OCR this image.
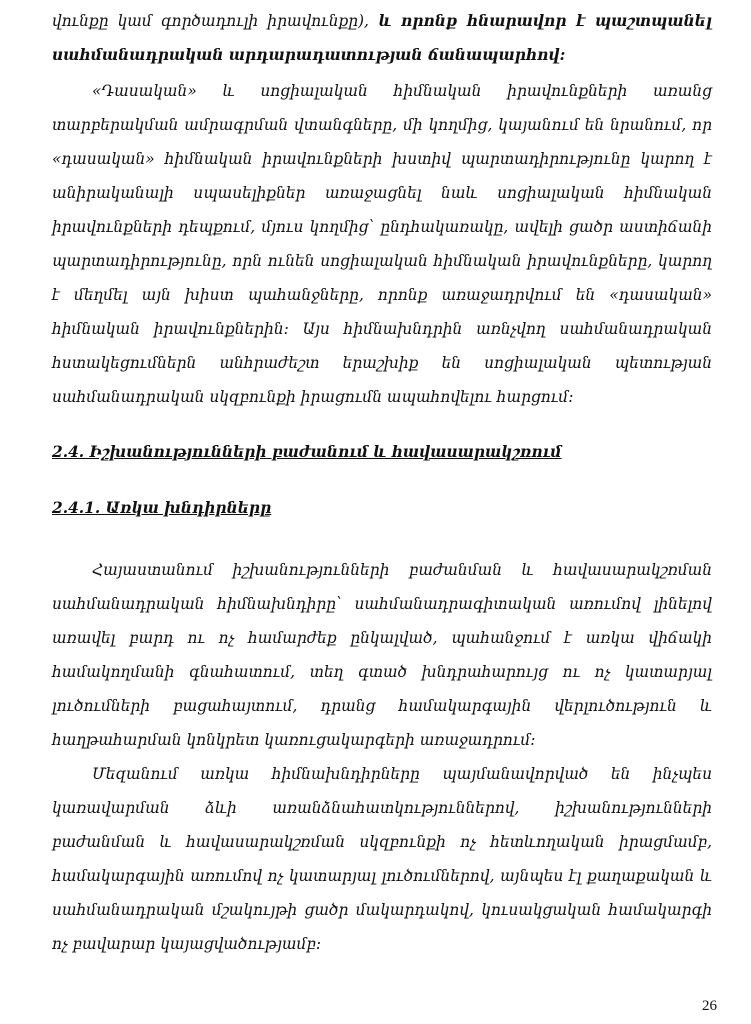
վունքը կամ գործադուլի իրավունքը), և որոնք հնարավոր է պաշտպանել սահմանադրական արդարադատության ճանապարհով:

«Դասական» և սոցիալական հիմնական իրավունքների առանց տարբերակման ամրագրման վտանգները, մի կողմից, կայանում են նրանում, որ «դասական» հիմնական իրավունքների խստիվ պարտադիրությունը կարող է անիրականալի սպասելիքներ առաջացնել նաև սոցիալական հիմնական իրավունքների դեպքում, մյուս կողմից՝ ընդհակառակը, ավելի ցածր աստիճանի պարտադիրությունը, որն ունեն սոցիալական հիմնական իրավունքները, կարող է մեղմել այն խիստ պահանջները, որոնք առաջադրվում են «դասական» հիմնական իրավունքներին: Այս հիմնախնդրին առնչվող սահմանադրական հստակեցումներն անհրաժեշտ երաշխիք են սոցիալական պետության սահմանադրական սկզբունքի իրացումն ապահովելու հարցում:

2.4. Իշխանությունների բաժանում և հավասարակշռում
2.4.1. Առկա խնդիրները

Հայաստանում իշխանությունների բաժանման և հավասարակշռման սահմանադրական հիմնախնդիրը՝ սահմանադրագիտական առումով լինելով առավել բարդ ու ոչ համարժեք ընկալված, պահանջում է առկա վիճակի համակողմանի գնահատում, տեղ գտած խնդրահարույց ու ոչ կատարյալ լուծումների բացահայտում, դրանց համակարգային վերլուծություն և հաղթահարման կոնկրետ կառուցակարգերի առաջադրում:

Մեզանում առկա հիմնախնդիրները պայմանավորված են ինչպես կառավարման ձևի առանձնահատկություններով, իշխանությունների բաժանման և հավասարակշռման սկզբունքի ոչ հետևողական իրացմամբ, համակարգային առումով ոչ կատարյալ լուծումներով, այնպես էլ քաղաքական և սահմանադրական մշակույթի ցածր մակարդակով, կուսակցական համակարգի ոչ բավարար կայացվածությամբ:

26
